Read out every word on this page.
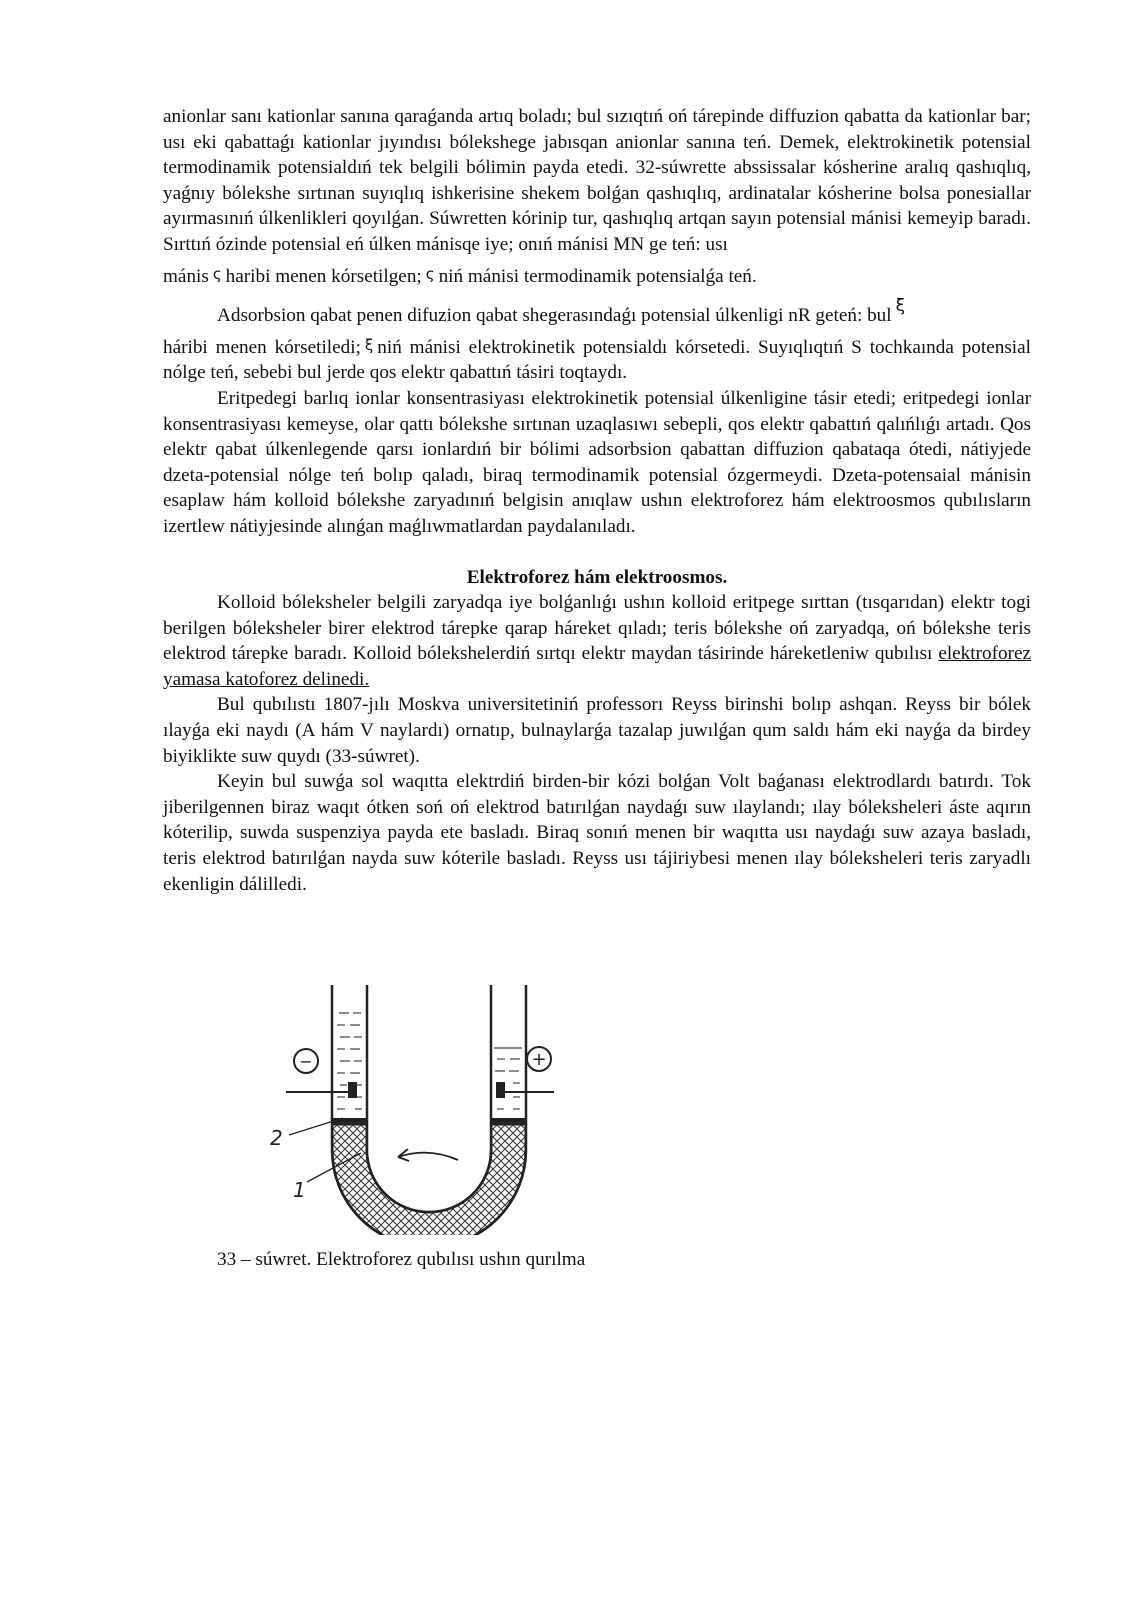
anionlar sanı kationlar sanına qaraǵanda artıq boladı; bul sızıqtıń oń tárepinde diffuzion qabatta da kationlar bar; usı eki qabattaǵı kationlar jıyındısı bólekshege jabısqan anionlar sanına teń. Demek, elektrokinetik potensial termodinamik potensialdıń tek belgili bólimin payda etedi. 32-súwrette abssissalar kósherine aralıq qashıqlıq, yaǵnıy bólekshe sırtınan suyıqlıq ishkerisine shekem bolǵan qashıqlıq, ardinatalar kósherine bolsa ponesiallar ayırmasınıń úlkenlikleri qoyılǵan. Súwretten kórinip tur, qashıqlıq artqan sayın potensial mánisi kemeyip baradı. Sırttıń ózinde potensial eń úlken mánisqe iye; onıń mánisi MN ge teń: usı

mánis ς haribi menen kórsetilgen; ς niń mánisi termodinamik potensialǵa teń.

Adsorbsion qabat penen difuzion qabat shegerasındaǵı potensial úlkenligi nR geteń: bul ξ

háribi menen kórsetiledi; ξ niń mánisi elektrokinetik potensialdı kórsetedi. Suyıqlıqtıń S tochkaında potensial nólge teń, sebebi bul jerde qos elektr qabattıń tásiri toqtaydı.

Eritpedegi barlıq ionlar konsentrasiyası elektrokinetik potensial úlkenligine tásir etedi; eritpedegi ionlar konsentrasiyası kemeyse, olar qattı bólekshe sırtınan uzaqlasıwı sebepli, qos elektr qabattıń qalıńlıǵı artadı. Qos elektr qabat úlkenlegende qarsı ionlardıń bir bólimi adsorbsion qabattan diffuzion qabataqa ótedi, nátiyjede dzeta-potensial nólge teń bolıp qaladı, biraq termodinamik potensial ózgermeydi. Dzeta-potensaial mánisin esaplaw hám kolloid bólekshe zaryadınıń belgisin anıqlaw ushın elektroforez hám elektroosmos qubılısların izertlew nátiyjesinde alınǵan maǵlıwmatlardan paydalanıladı.

Elektroforez hám elektroosmos.

Kolloid bóleksheler belgili zaryadqa iye bolǵanlıǵı ushın kolloid eritpege sırttan (tısqarıdan) elektr togi berilgen bóleksheler birer elektrod tárepke qarap háreket qıladı; teris bólekshe oń zaryadqa, oń bólekshe teris elektrod tárepke baradı. Kolloid bólekshelerdiń sırtqı elektr maydan tásirinde háreketleniw qubılısı elektroforez yamasa katoforez delinedi.

Bul qubılıstı 1807-jılı Moskva universitetiniń professorı Reyss birinshi bolıp ashqan. Reyss bir bólek ılayǵa eki naydı (A hám V naylardı) ornatıp, bulnaylarǵa tazalap juwılǵan qum saldı hám eki nayǵa da birdey biyiklikte suw quydı (33-súwret).

Keyin bul suwǵa sol waqıtta elektrdiń birden-bir kózi bolǵan Volt baǵanası elektrodlardı batırdı. Tok jiberilgennen biraz waqıt ótken soń oń elektrod batırılǵan naydaǵı suw ılaylandı; ılay bóleksheleri áste aqırın kóterilip, suwda suspenziya payda ete basladı. Biraq sonıń menen bir waqıtta usı naydaǵı suw azaya basladı, teris elektrod batırılǵan nayda suw kóterile basladı. Reyss usı tájiriybesi menen ılay bóleksheleri teris zaryadlı ekenligin dálilledi.

−	+
2
1
33 – súwret. Elektroforez qubılısı ushın qurılma
